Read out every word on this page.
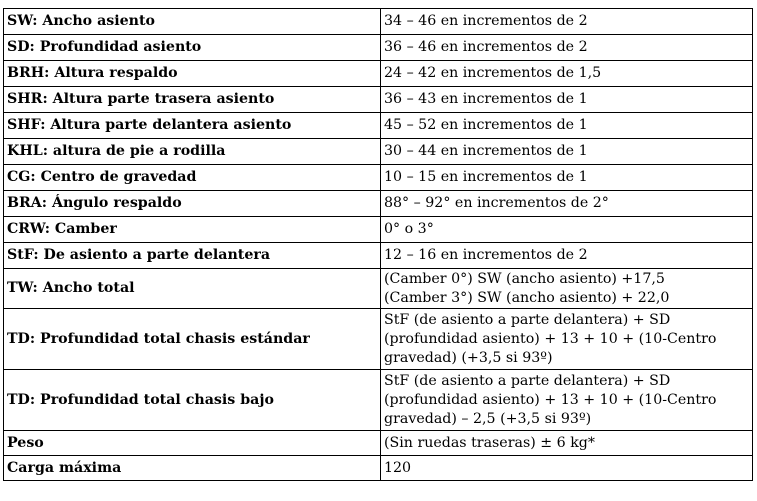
SW: Ancho asiento	34 – 46 en incrementos de 2

SD: Profundidad asiento	36 – 46 en incrementos de 2

BRH: Altura respaldo	24 – 42 en incrementos de 1,5

SHR: Altura parte trasera asiento	36 – 43 en incrementos de 1

SHF: Altura parte delantera asiento	45 – 52 en incrementos de 1

KHL: altura de pie a rodilla	30 – 44 en incrementos de 1

CG: Centro de gravedad	10 – 15 en incrementos de 1

BRA: Ángulo respaldo	88° – 92° en incrementos de 2°

CRW: Camber	0° o 3°

StF: De asiento a parte delantera	12 – 16 en incrementos de 2

TW: Ancho total	(Camber 0°) SW (ancho asiento) +17,5
(Camber 3°) SW (ancho asiento) + 22,0

TD: Profundidad total chasis estándar	StF (de asiento a parte delantera) + SD
(profundidad asiento) + 13 + 10 + (10-Centro
gravedad) (+3,5 si 93º)

TD: Profundidad total chasis bajo	StF (de asiento a parte delantera) + SD
(profundidad asiento) + 13 + 10 + (10-Centro
gravedad) – 2,5 (+3,5 si 93º)

Peso	(Sin ruedas traseras) ± 6 kg*

Carga máxima	120
